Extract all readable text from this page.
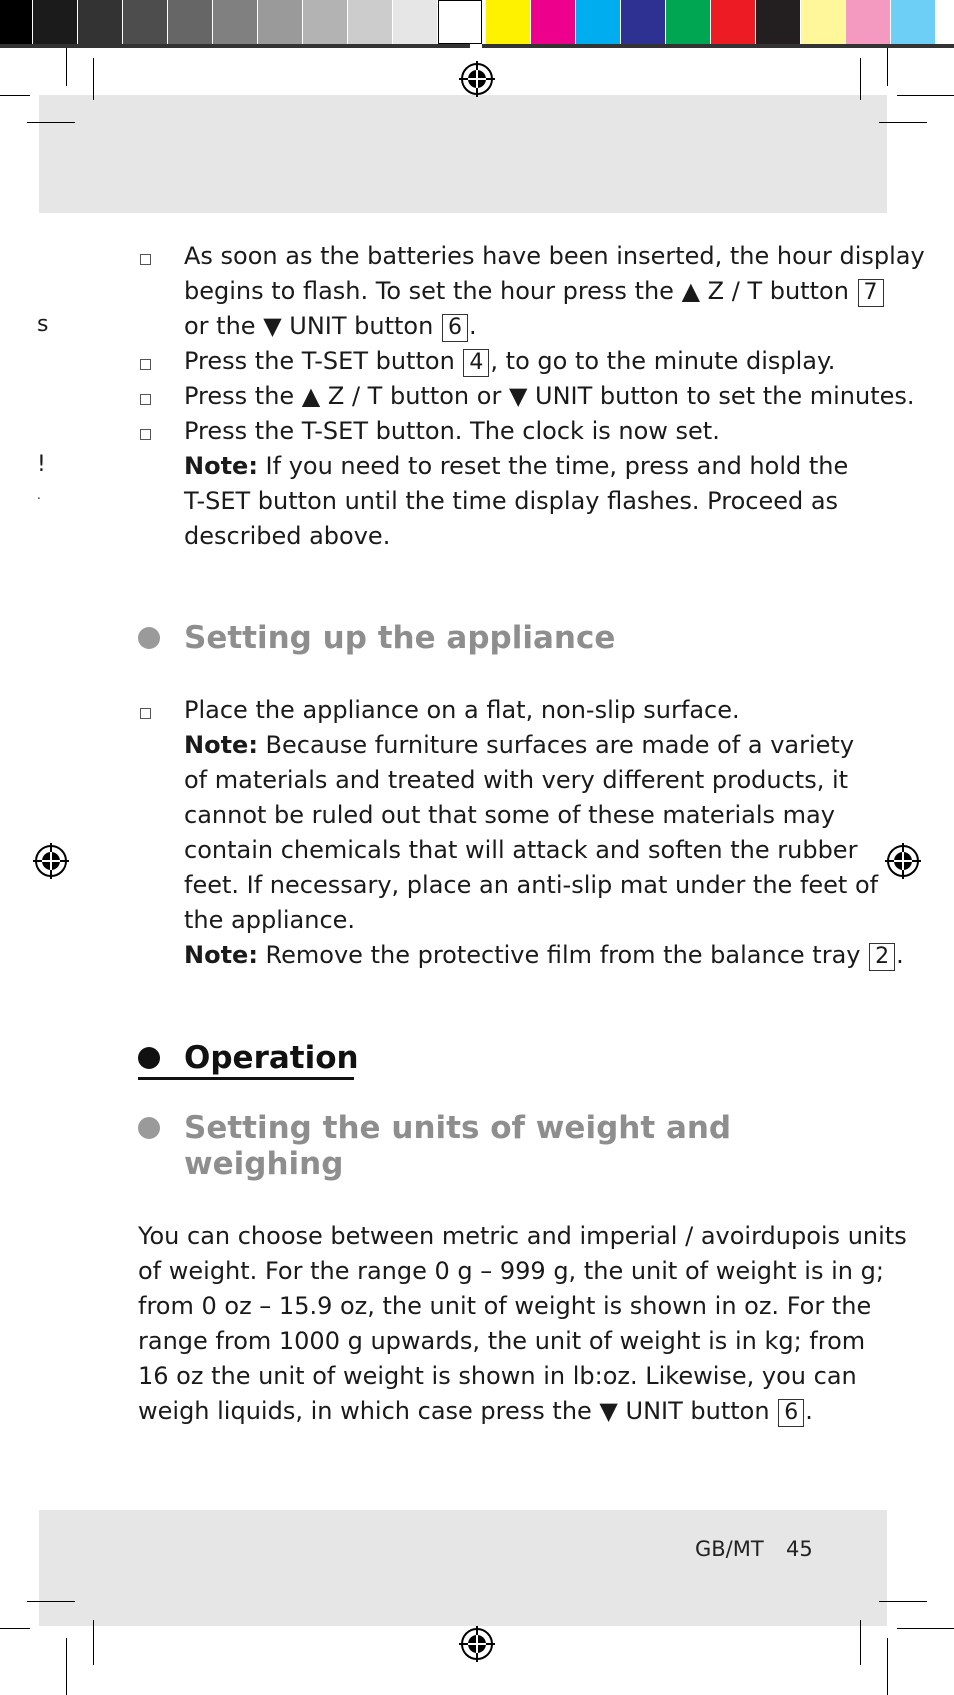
s
!
.
As soon as the batteries have been inserted, the hour display
begins to flash. To set the hour press the ▲ Z / T button 7
or the ▼ UNIT button 6 .
Press the T-SET button 4 , to go to the minute display.
Press the ▲ Z / T button or ▼ UNIT button to set the minutes.
Press the T-SET button. The clock is now set.
Note: If you need to reset the time, press and hold the
T-SET button until the time display flashes. Proceed as
described above.
Setting up the appliance
Place the appliance on a flat, non-slip surface.
Note: Because furniture surfaces are made of a variety
of materials and treated with very different products, it
cannot be ruled out that some of these materials may
contain chemicals that will attack and soften the rubber
feet. If necessary, place an anti-slip mat under the feet of
the appliance.
Note: Remove the protective film from the balance tray 2 .
Operation
Setting the units of weight and
weighing
You can choose between metric and imperial / avoirdupois units
of weight. For the range 0 g – 999 g, the unit of weight is in g;
from 0 oz – 15.9 oz, the unit of weight is shown in oz. For the
range from 1000 g upwards, the unit of weight is in kg; from
16 oz the unit of weight is shown in lb:oz. Likewise, you can
weigh liquids, in which case press the ▼ UNIT button 6 .
GB/MT 45
